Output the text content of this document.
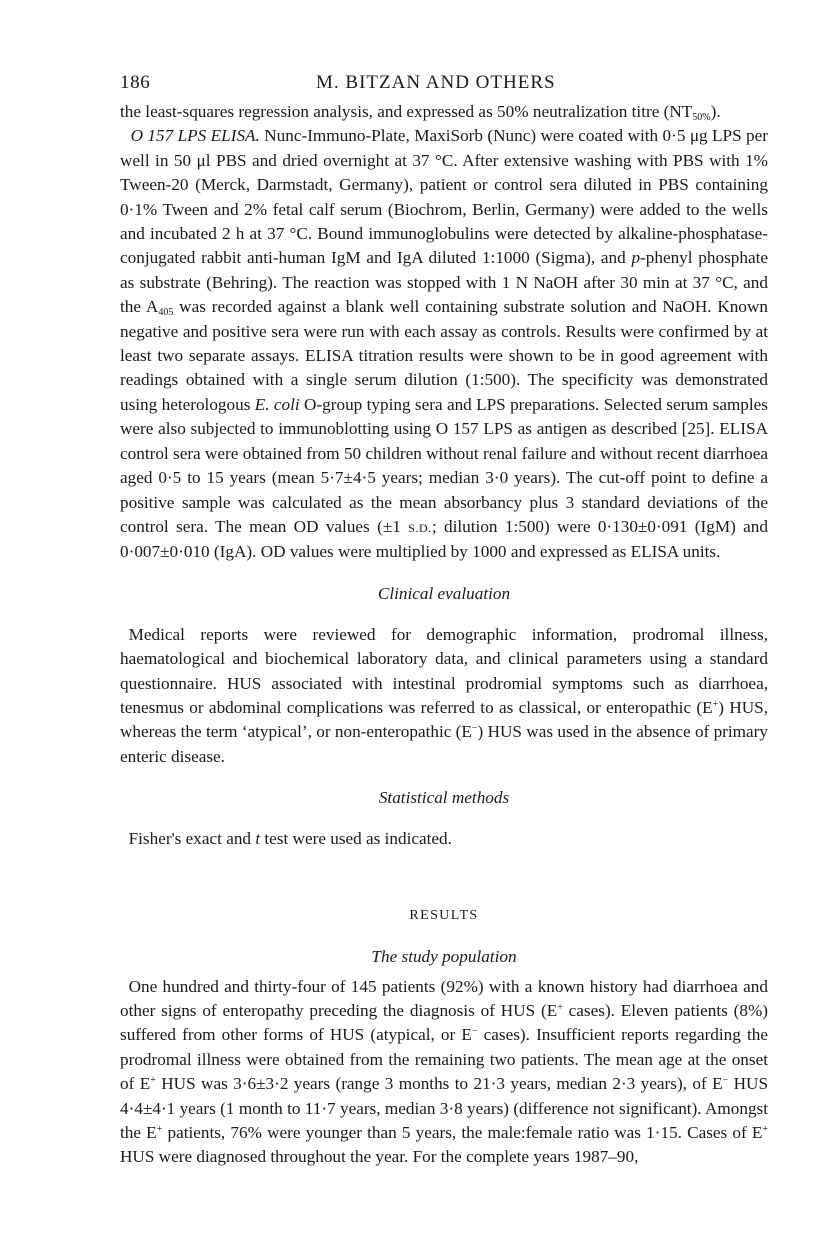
186	M. BITZAN AND OTHERS

the least-squares regression analysis, and expressed as 50% neutralization titre $(NT_{50\%})$.

 O 157 LPS ELISA. Nunc-Immuno-Plate, MaxiSorb (Nunc) were coated with 0·5 μg LPS per well in 50 μl PBS and dried overnight at 37 °C. After extensive washing with PBS with 1% Tween-20 (Merck, Darmstadt, Germany), patient or control sera diluted in PBS containing 0·1% Tween and 2% fetal calf serum (Biochrom, Berlin, Germany) were added to the wells and incubated 2 h at 37 °C. Bound immunoglobulins were detected by alkaline-phosphatase-conjugated rabbit anti-human IgM and IgA diluted 1:1000 (Sigma), and p-phenyl phosphate as substrate (Behring). The reaction was stopped with 1 N NaOH after 30 min at 37 °C, and the $A_{405}$ was recorded against a blank well containing substrate solution and NaOH. Known negative and positive sera were run with each assay as controls. Results were confirmed by at least two separate assays. ELISA titration results were shown to be in good agreement with readings obtained with a single serum dilution (1:500). The specificity was demonstrated using heterologous E. coli O-group typing sera and LPS preparations. Selected serum samples were also subjected to immunoblotting using O 157 LPS as antigen as described [25]. ELISA control sera were obtained from 50 children without renal failure and without recent diarrhoea aged 0·5 to 15 years (mean 5·7±4·5 years; median 3·0 years). The cut-off point to define a positive sample was calculated as the mean absorbancy plus 3 standard deviations of the control sera. The mean OD values (±1 S.D.; dilution 1:500) were 0·130±0·091 (IgM) and 0·007±0·010 (IgA). OD values were multiplied by 1000 and expressed as ELISA units.

Clinical evaluation

 Medical reports were reviewed for demographic information, prodromal illness, haematological and biochemical laboratory data, and clinical parameters using a standard questionnaire. HUS associated with intestinal prodromial symptoms such as diarrhoea, tenesmus or abdominal complications was referred to as classical, or enteropathic (E+) HUS, whereas the term ‘atypical’, or non-enteropathic (E−) HUS was used in the absence of primary enteric disease.

Statistical methods

 Fisher's exact and t test were used as indicated.

RESULTS

The study population

 One hundred and thirty-four of 145 patients (92%) with a known history had diarrhoea and other signs of enteropathy preceding the diagnosis of HUS (E+ cases). Eleven patients (8%) suffered from other forms of HUS (atypical, or E− cases). Insufficient reports regarding the prodromal illness were obtained from the remaining two patients. The mean age at the onset of E+ HUS was 3·6±3·2 years (range 3 months to 21·3 years, median 2·3 years), of E− HUS 4·4±4·1 years (1 month to 11·7 years, median 3·8 years) (difference not significant). Amongst the E+ patients, 76% were younger than 5 years, the male:female ratio was 1·15. Cases of E+ HUS were diagnosed throughout the year. For the complete years 1987–90,
